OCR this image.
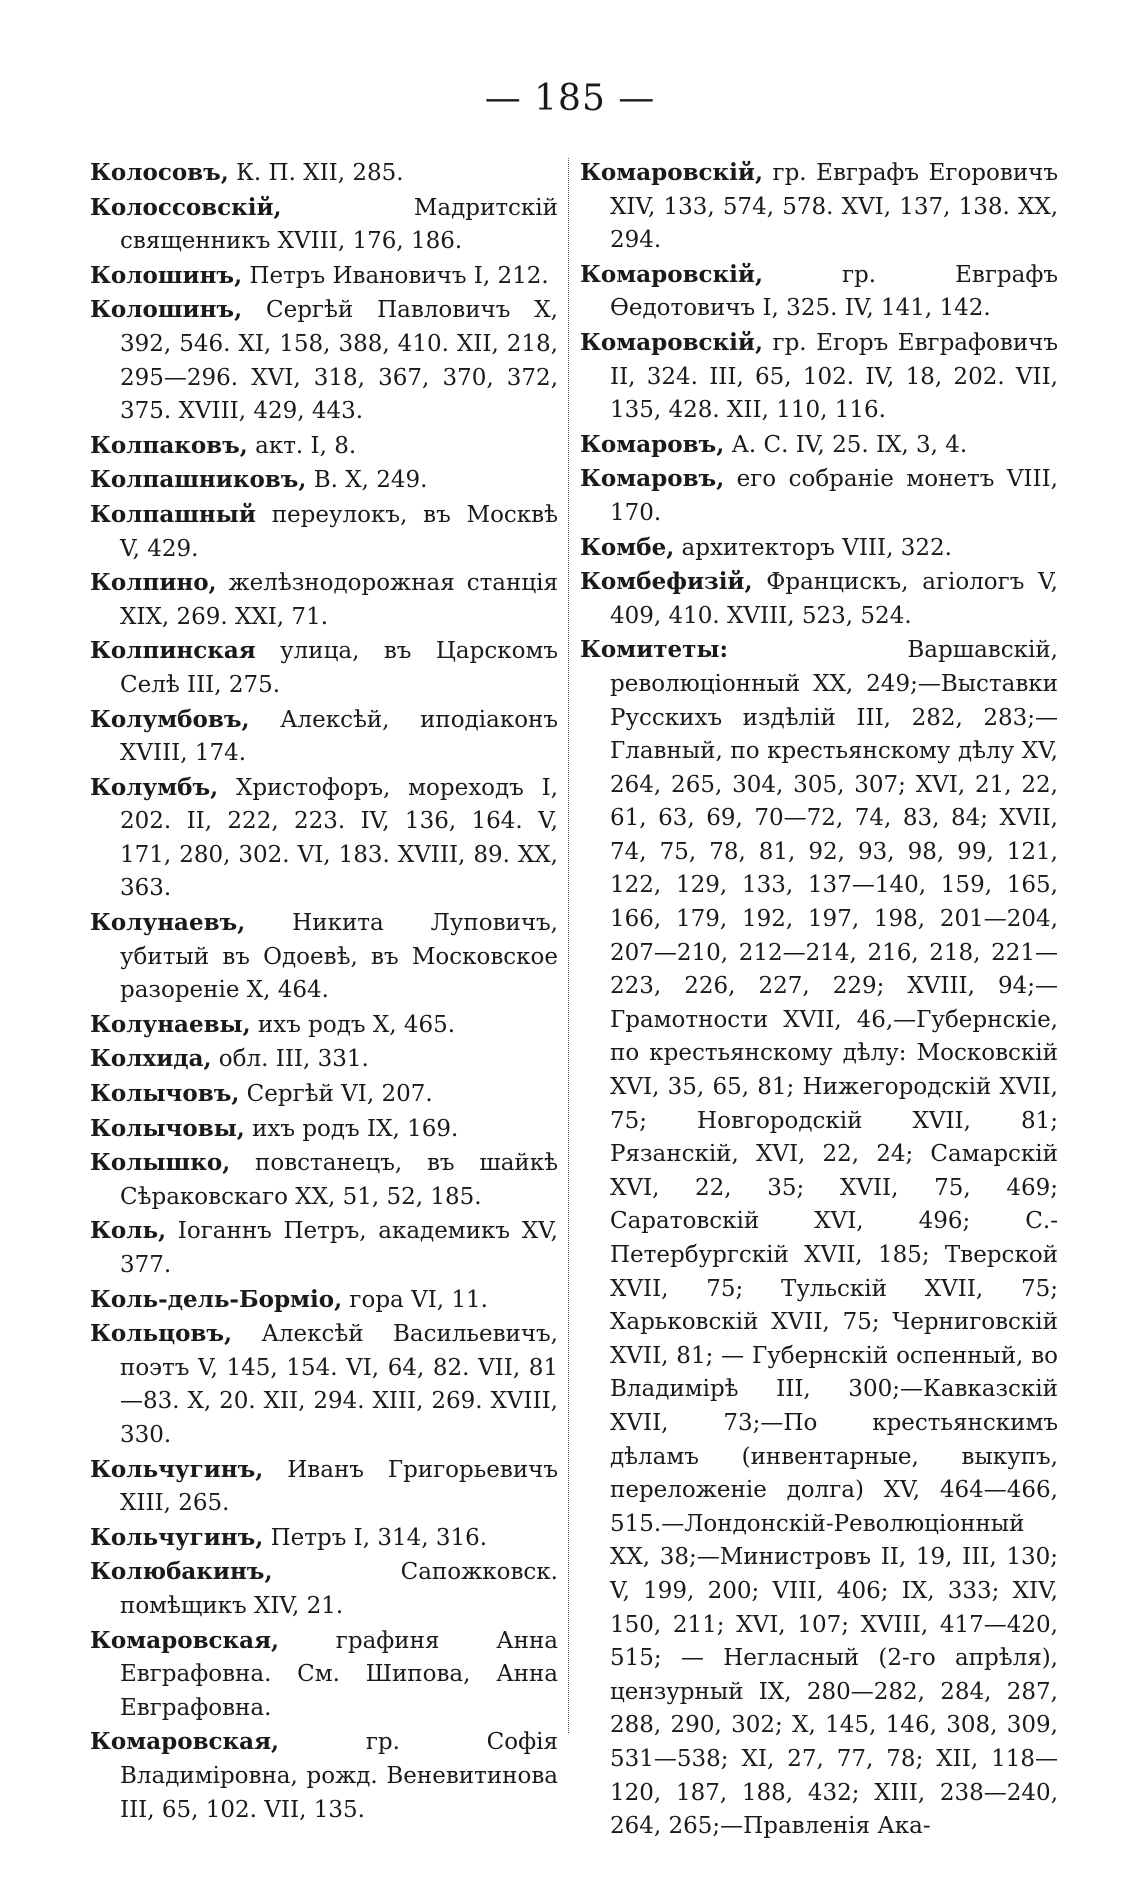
— 185 —

Колосовъ, К. П. XII, 285.

Колоссовскій, Мадритскій священникъ XVIII, 176, 186.

Колошинъ, Петръ Ивановичъ I, 212.

Колошинъ, Сергѣй Павловичъ X, 392, 546. XI, 158, 388, 410. XII, 218, 295—296. XVI, 318, 367, 370, 372, 375. XVIII, 429, 443.

Колпаковъ, акт. I, 8.

Колпашниковъ, В. X, 249.

Колпашный переулокъ, въ Москвѣ V, 429.

Колпино, желѣзнодорожная станція XIX, 269. XXI, 71.

Колпинская улица, въ Царскомъ Селѣ III, 275.

Колумбовъ, Алексѣй, иподіаконъ XVIII, 174.

Колумбъ, Христофоръ, мореходъ I, 202. II, 222, 223. IV, 136, 164. V, 171, 280, 302. VI, 183. XVIII, 89. XX, 363.

Колунаевъ, Никита Луповичъ, убитый въ Одоевѣ, въ Московское разореніе X, 464.

Колунаевы, ихъ родъ X, 465.

Колхида, обл. III, 331.

Колычовъ, Сергѣй VI, 207.

Колычовы, ихъ родъ IX, 169.

Колышко, повстанецъ, въ шайкѣ Сѣраковскаго XX, 51, 52, 185.

Коль, Іоганнъ Петръ, академикъ XV, 377.

Коль-дель-Борміо, гора VI, 11.

Кольцовъ, Алексѣй Васильевичъ, поэтъ V, 145, 154. VI, 64, 82. VII, 81—83. X, 20. XII, 294. XIII, 269. XVIII, 330.

Кольчугинъ, Иванъ Григорьевичъ XIII, 265.

Кольчугинъ, Петръ I, 314, 316.

Колюбакинъ, Сапожковск. помѣщикъ XIV, 21.

Комаровская, графиня Анна Евграфовна. См. Шипова, Анна Евграфовна.

Комаровская, гр. Софія Владиміровна, рожд. Веневитинова III, 65, 102. VII, 135.

Комаровскій, гр. Евграфъ Егоровичъ XIV, 133, 574, 578. XVI, 137, 138. XX, 294.

Комаровскій, гр. Евграфъ Ѳедотовичъ I, 325. IV, 141, 142.

Комаровскій, гр. Егоръ Евграфовичъ II, 324. III, 65, 102. IV, 18, 202. VII, 135, 428. XII, 110, 116.

Комаровъ, А. С. IV, 25. IX, 3, 4.

Комаровъ, его собраніе монетъ VIII, 170.

Комбе, архитекторъ VIII, 322.

Комбефизій, Францискъ, агіологъ V, 409, 410. XVIII, 523, 524.

Комитеты: Варшавскій, революціонный XX, 249;—Выставки Русскихъ издѣлій III, 282, 283;—Главный, по крестьянскому дѣлу XV, 264, 265, 304, 305, 307; XVI, 21, 22, 61, 63, 69, 70—72, 74, 83, 84; XVII, 74, 75, 78, 81, 92, 93, 98, 99, 121, 122, 129, 133, 137—140, 159, 165, 166, 179, 192, 197, 198, 201—204, 207—210, 212—214, 216, 218, 221—223, 226, 227, 229; XVIII, 94;—Грамотности XVII, 46,—Губернскіе, по крестьянскому дѣлу: Московскій XVI, 35, 65, 81; Нижегородскій XVII, 75; Новгородскій XVII, 81; Рязанскій, XVI, 22, 24; Самарскій XVI, 22, 35; XVII, 75, 469; Саратовскій XVI, 496; С.-Петербургскій XVII, 185; Тверской XVII, 75; Тульскій XVII, 75; Харьковскій XVII, 75; Черниговскій XVII, 81; — Губернскій оспенный, во Владимірѣ III, 300;—Кавказскій XVII, 73;—По крестьянскимъ дѣламъ (инвентарные, выкупъ, переложеніе долга) XV, 464—466, 515.—Лондонскій-Революціонный XX, 38;—Министровъ II, 19, III, 130; V, 199, 200; VIII, 406; IX, 333; XIV, 150, 211; XVI, 107; XVIII, 417—420, 515; — Негласный (2-го апрѣля), цензурный IX, 280—282, 284, 287, 288, 290, 302; X, 145, 146, 308, 309, 531—538; XI, 27, 77, 78; XII, 118—120, 187, 188, 432; XIII, 238—240, 264, 265;—Правленія Ака-
